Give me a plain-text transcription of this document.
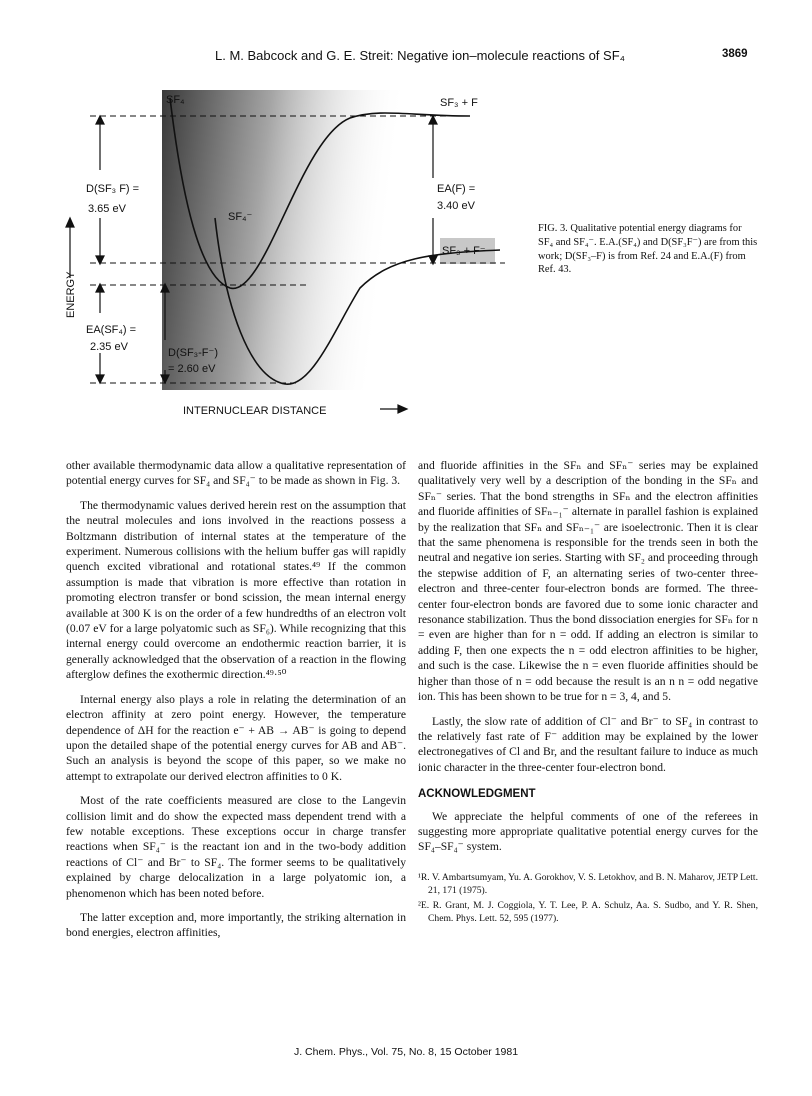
L. M. Babcock and G. E. Streit: Negative ion–molecule reactions of SF₄	3869
SF₄	SF₃ + F
SF₄⁻
SF₃ + F⁻
D(SF₃ F) =
3.65 eV
EA(F) =
3.40 eV
ENERGY
EA(SF₄) =
2.35 eV	D(SF₃-F⁻)
= 2.60 eV
INTERNUCLEAR DISTANCE
FIG. 3. Qualitative potential energy diagrams for SF₄ and SF₄⁻. E.A.(SF₄) and D(SF₃F⁻) are from this work; D(SF₃–F) is from Ref. 24 and E.A.(F) from Ref. 43.

other available thermodynamic data allow a qualitative representation of potential energy curves for SF₄ and SF₄⁻ to be made as shown in Fig. 3.

The thermodynamic values derived herein rest on the assumption that the neutral molecules and ions involved in the reactions possess a Boltzmann distribution of internal states at the temperature of the experiment. Numerous collisions with the helium buffer gas will rapidly quench excited vibrational and rotational states.⁴⁹ If the common assumption is made that vibration is more effective than rotation in promoting electron transfer or bond scission, the mean internal energy available at 300 K is on the order of a few hundredths of an electron volt (0.07 eV for a large polyatomic such as SF₆). While recognizing that this internal energy could overcome an endothermic reaction barrier, it is generally acknowledged that the observation of a reaction in the flowing afterglow defines the exothermic direction.⁴⁹·⁵⁰

Internal energy also plays a role in relating the determination of an electron affinity at zero point energy. However, the temperature dependence of ΔH for the reaction e⁻ + AB → AB⁻ is going to depend upon the detailed shape of the potential energy curves for AB and AB⁻. Such an analysis is beyond the scope of this paper, so we make no attempt to extrapolate our derived electron affinities to 0 K.

Most of the rate coefficients measured are close to the Langevin collision limit and do show the expected mass dependent trend with a few notable exceptions. These exceptions occur in charge transfer reactions when SF₄⁻ is the reactant ion and in the two-body addition reactions of Cl⁻ and Br⁻ to SF₄. The former seems to be qualitatively explained by charge delocalization in a large polyatomic ion, a phenomenon which has been noted before.

The latter exception and, more importantly, the striking alternation in bond energies, electron affinities,

and fluoride affinities in the SFₙ and SFₙ⁻ series may be explained qualitatively very well by a description of the bonding in the SFₙ and SFₙ⁻ series. That the bond strengths in SFₙ and the electron affinities and fluoride affinities of SFₙ₋₁⁻ alternate in parallel fashion is explained by the realization that SFₙ and SFₙ₋₁⁻ are isoelectronic. Then it is clear that the same phenomena is responsible for the trends seen in both the neutral and negative ion series. Starting with SF₂ and proceeding through the stepwise addition of F, an alternating series of two-center three-electron and three-center four-electron bonds are formed. The three-center four-electron bonds are favored due to some ionic character and resonance stabilization. Thus the bond dissociation energies for SFₙ for n = even are higher than for n = odd. If adding an electron is similar to adding F, then one expects the n = odd electron affinities to be higher, and such is the case. Likewise the n = even fluoride affinities should be higher than those of n = odd because the result is an n n = odd negative ion. This has been shown to be true for n = 3, 4, and 5.

Lastly, the slow rate of addition of Cl⁻ and Br⁻ to SF₄ in contrast to the relatively fast rate of F⁻ addition may be explained by the lower electronegatives of Cl and Br, and the resultant failure to induce as much ionic character in the three-center four-electron bond.

ACKNOWLEDGMENT

We appreciate the helpful comments of one of the referees in suggesting more appropriate qualitative potential energy curves for the SF₄–SF₄⁻ system.

¹R. V. Ambartsumyam, Yu. A. Gorokhov, V. S. Letokhov, and B. N. Maharov, JETP Lett. 21, 171 (1975).
²E. R. Grant, M. J. Coggiola, Y. T. Lee, P. A. Schulz, Aa. S. Sudbo, and Y. R. Shen, Chem. Phys. Lett. 52, 595 (1977).
J. Chem. Phys., Vol. 75, No. 8, 15 October 1981
